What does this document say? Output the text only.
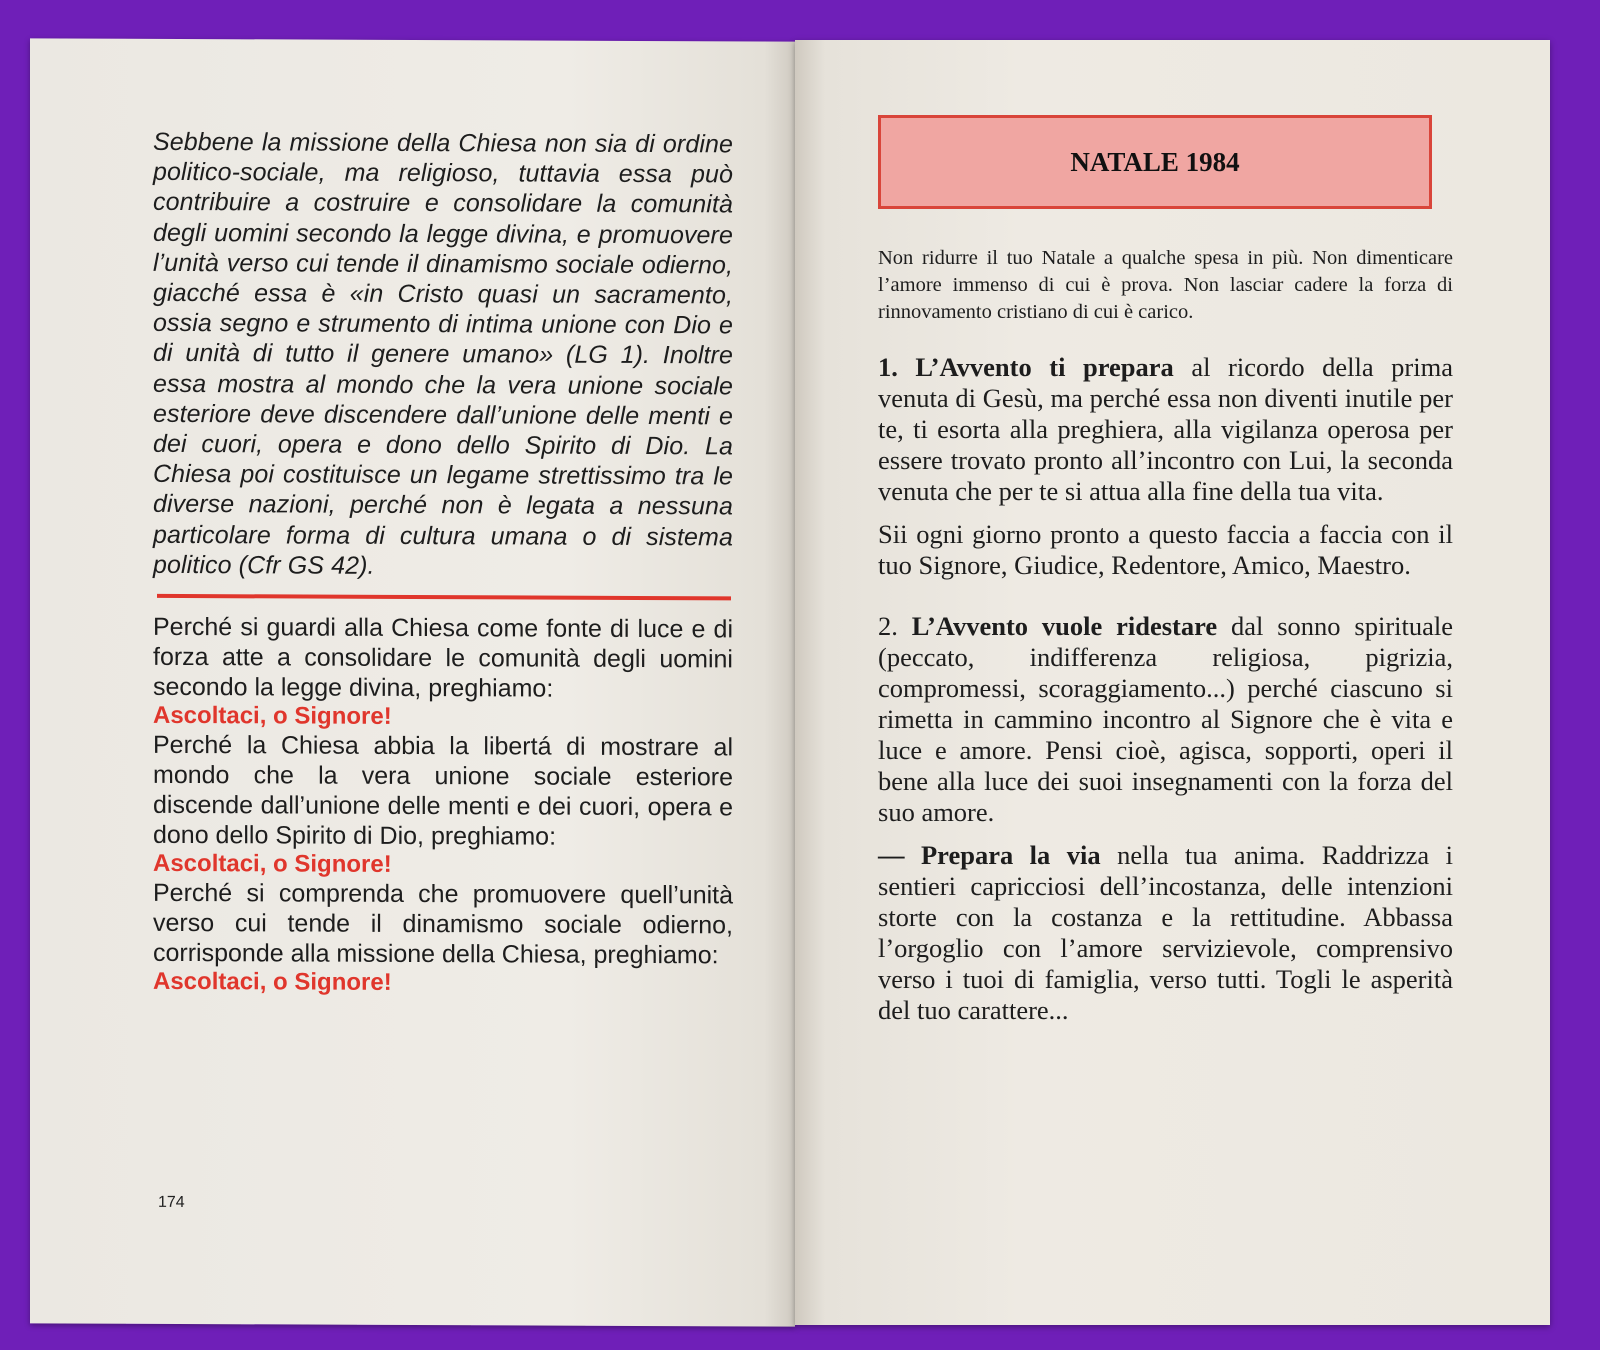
Sebbene la missione della Chiesa non sia di ordine politico-sociale, ma religioso, tuttavia essa può contribuire a costruire e consolidare la comunità degli uomini secondo la legge divina, e promuovere l’unità verso cui tende il dinamismo sociale odierno, giacché essa è «in Cristo quasi un sacramento, ossia segno e strumento di intima unione con Dio e di unità di tutto il genere umano» (LG 1). Inoltre essa mostra al mondo che la vera unione sociale esteriore deve discendere dall’unione delle menti e dei cuori, opera e dono dello Spirito di Dio. La Chiesa poi costituisce un legame strettissimo tra le diverse nazioni, perché non è legata a nessuna particolare forma di cultura umana o di sistema politico (Cfr GS 42).

Perché si guardi alla Chiesa come fonte di luce e di forza atte a consolidare le comunità degli uomini secondo la legge divina, preghiamo:

Ascoltaci, o Signore!

Perché la Chiesa abbia la libertá di mostrare al mondo che la vera unione sociale esteriore discende dall’unione delle menti e dei cuori, opera e dono dello Spirito di Dio, preghiamo:

Ascoltaci, o Signore!

Perché si comprenda che promuovere quell’unità verso cui tende il dinamismo sociale odierno, corrisponde alla missione della Chiesa, preghiamo:

Ascoltaci, o Signore!

174
NATALE 1984

Non ridurre il tuo Natale a qualche spesa in più. Non dimenticare l’amore immenso di cui è prova. Non lasciar cadere la forza di rinnovamento cristiano di cui è carico.

1. L’Avvento ti prepara al ricordo della prima venuta di Gesù, ma perché essa non diventi inutile per te, ti esorta alla preghiera, alla vigilanza operosa per essere trovato pronto all’incontro con Lui, la seconda venuta che per te si attua alla fine della tua vita.

Sii ogni giorno pronto a questo faccia a faccia con il tuo Signore, Giudice, Redentore, Amico, Maestro.

2. L’Avvento vuole ridestare dal sonno spirituale (peccato, indifferenza religiosa, pigrizia, compromessi, scoraggiamento...) perché ciascuno si rimetta in cammino incontro al Signore che è vita e luce e amore. Pensi cioè, agisca, sopporti, operi il bene alla luce dei suoi insegnamenti con la forza del suo amore.

— Prepara la via nella tua anima. Raddrizza i sentieri capricciosi dell’incostanza, delle intenzioni storte con la costanza e la rettitudine. Abbassa l’orgoglio con l’amore servizievole, comprensivo verso i tuoi di famiglia, verso tutti. Togli le asperità del tuo carattere...
